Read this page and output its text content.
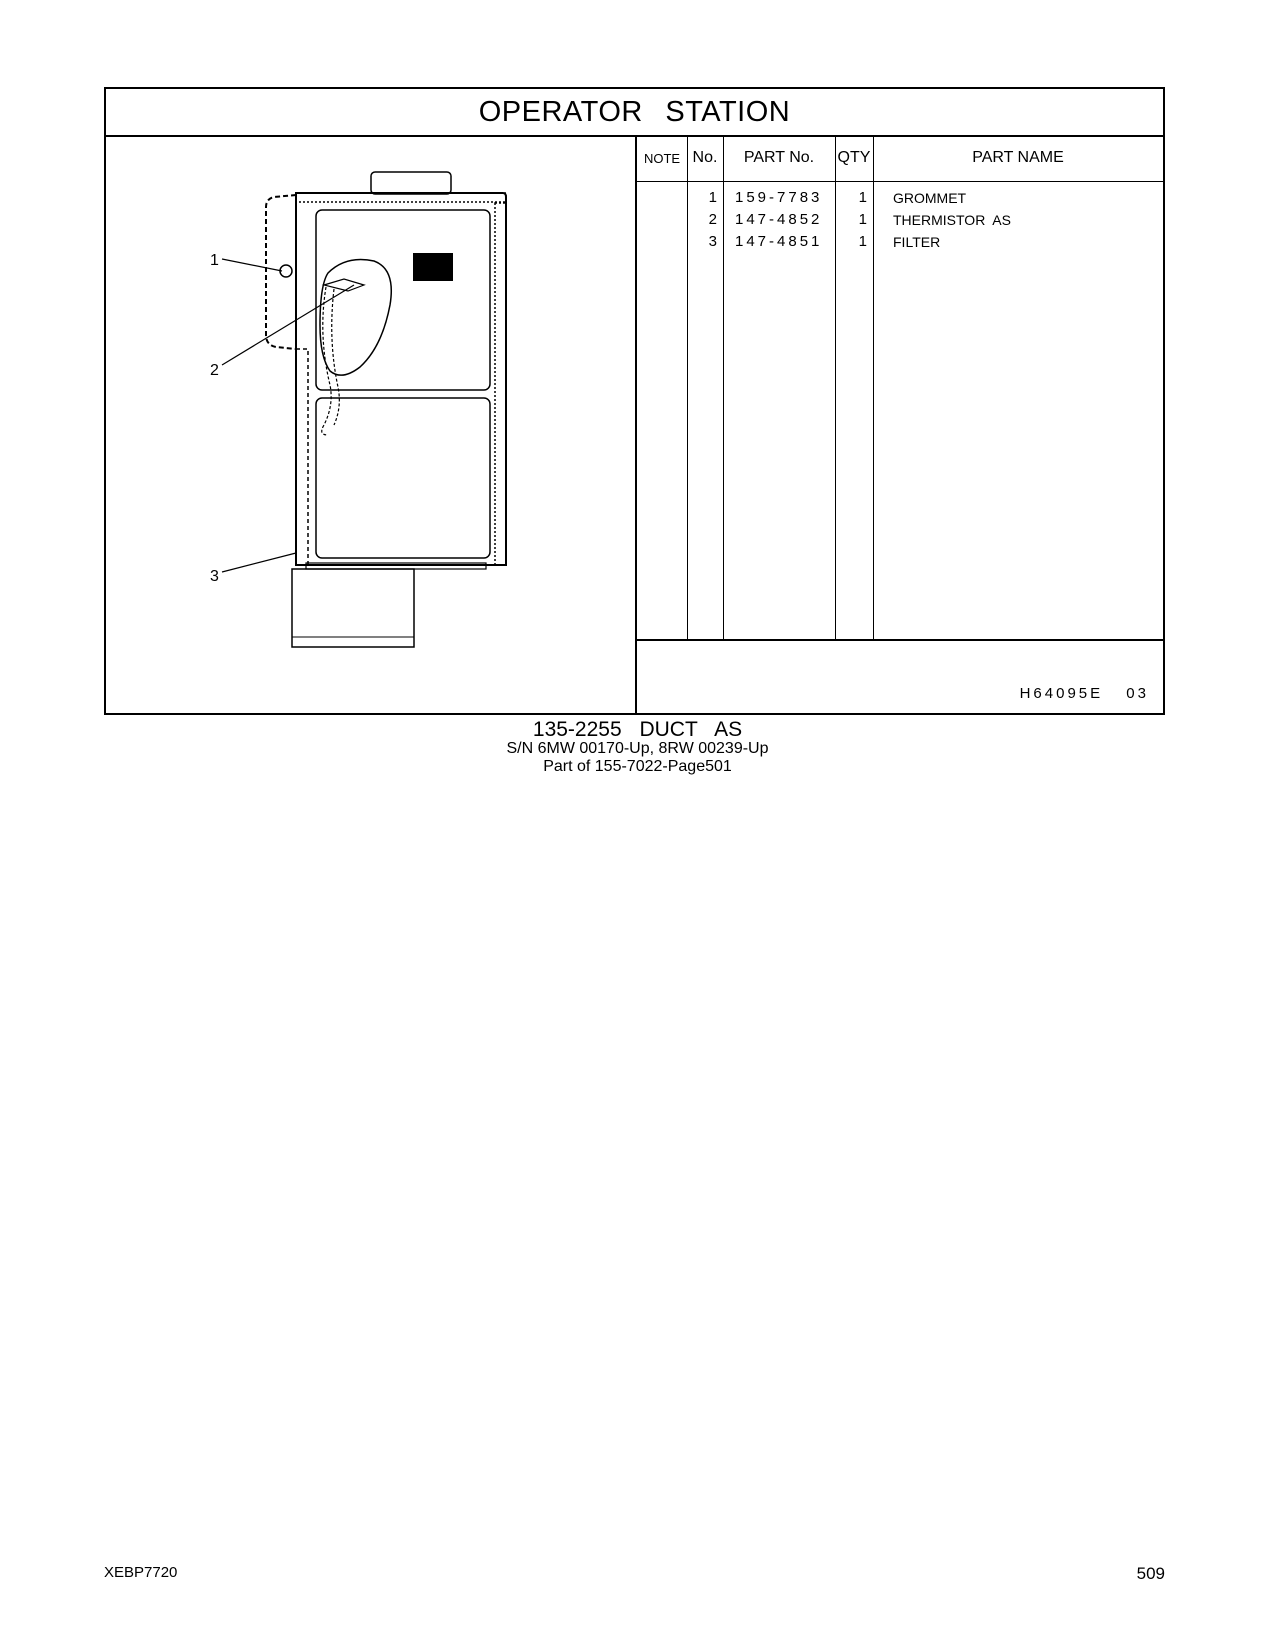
OPERATOR STATION
1
2
3
NOTE No.	PART No.	QTY	PART NAME
1 159-7783	1 GROMMET
2 147-4852	1 THERMISTOR  AS
3 147-4851	1 FILTER
H64095E 03
135-2255 DUCT AS
S/N 6MW 00170-Up, 8RW 00239-Up
Part of 155-7022-Page501
XEBP7720	509
